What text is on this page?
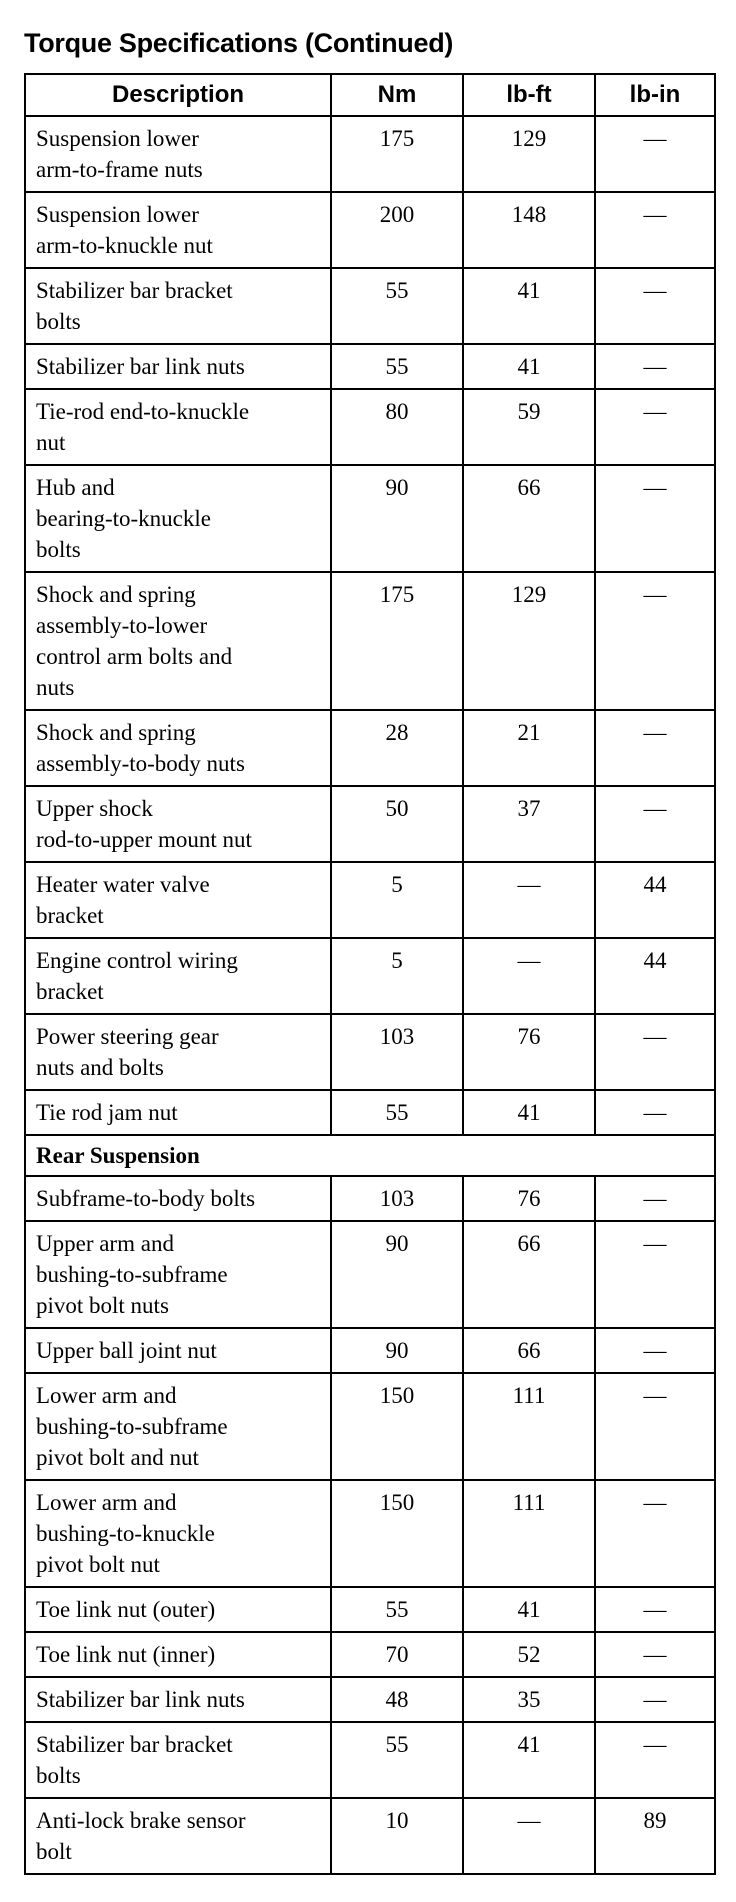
Torque Specifications (Continued)
Description	Nm	lb-ft	lb-in
Suspension lower
arm-to-frame nuts	175	129	—
Suspension lower
arm-to-knuckle nut	200	148	—
Stabilizer bar bracket
bolts	55	41	—
Stabilizer bar link nuts	55	41	—
Tie-rod end-to-knuckle
nut	80	59	—
Hub and
bearing-to-knuckle
bolts	90	66	—
Shock and spring
assembly-to-lower
control arm bolts and
nuts	175	129	—
Shock and spring
assembly-to-body nuts	28	21	—
Upper shock
rod-to-upper mount nut	50	37	—
Heater water valve
bracket	5	—	44
Engine control wiring
bracket	5	—	44
Power steering gear
nuts and bolts	103	76	—
Tie rod jam nut	55	41	—
Rear Suspension			
Subframe-to-body bolts	103	76	—
Upper arm and
bushing-to-subframe
pivot bolt nuts	90	66	—
Upper ball joint nut	90	66	—
Lower arm and
bushing-to-subframe
pivot bolt and nut	150	111	—
Lower arm and
bushing-to-knuckle
pivot bolt nut	150	111	—
Toe link nut (outer)	55	41	—
Toe link nut (inner)	70	52	—
Stabilizer bar link nuts	48	35	—
Stabilizer bar bracket
bolts	55	41	—
Anti-lock brake sensor
bolt	10	—	89
